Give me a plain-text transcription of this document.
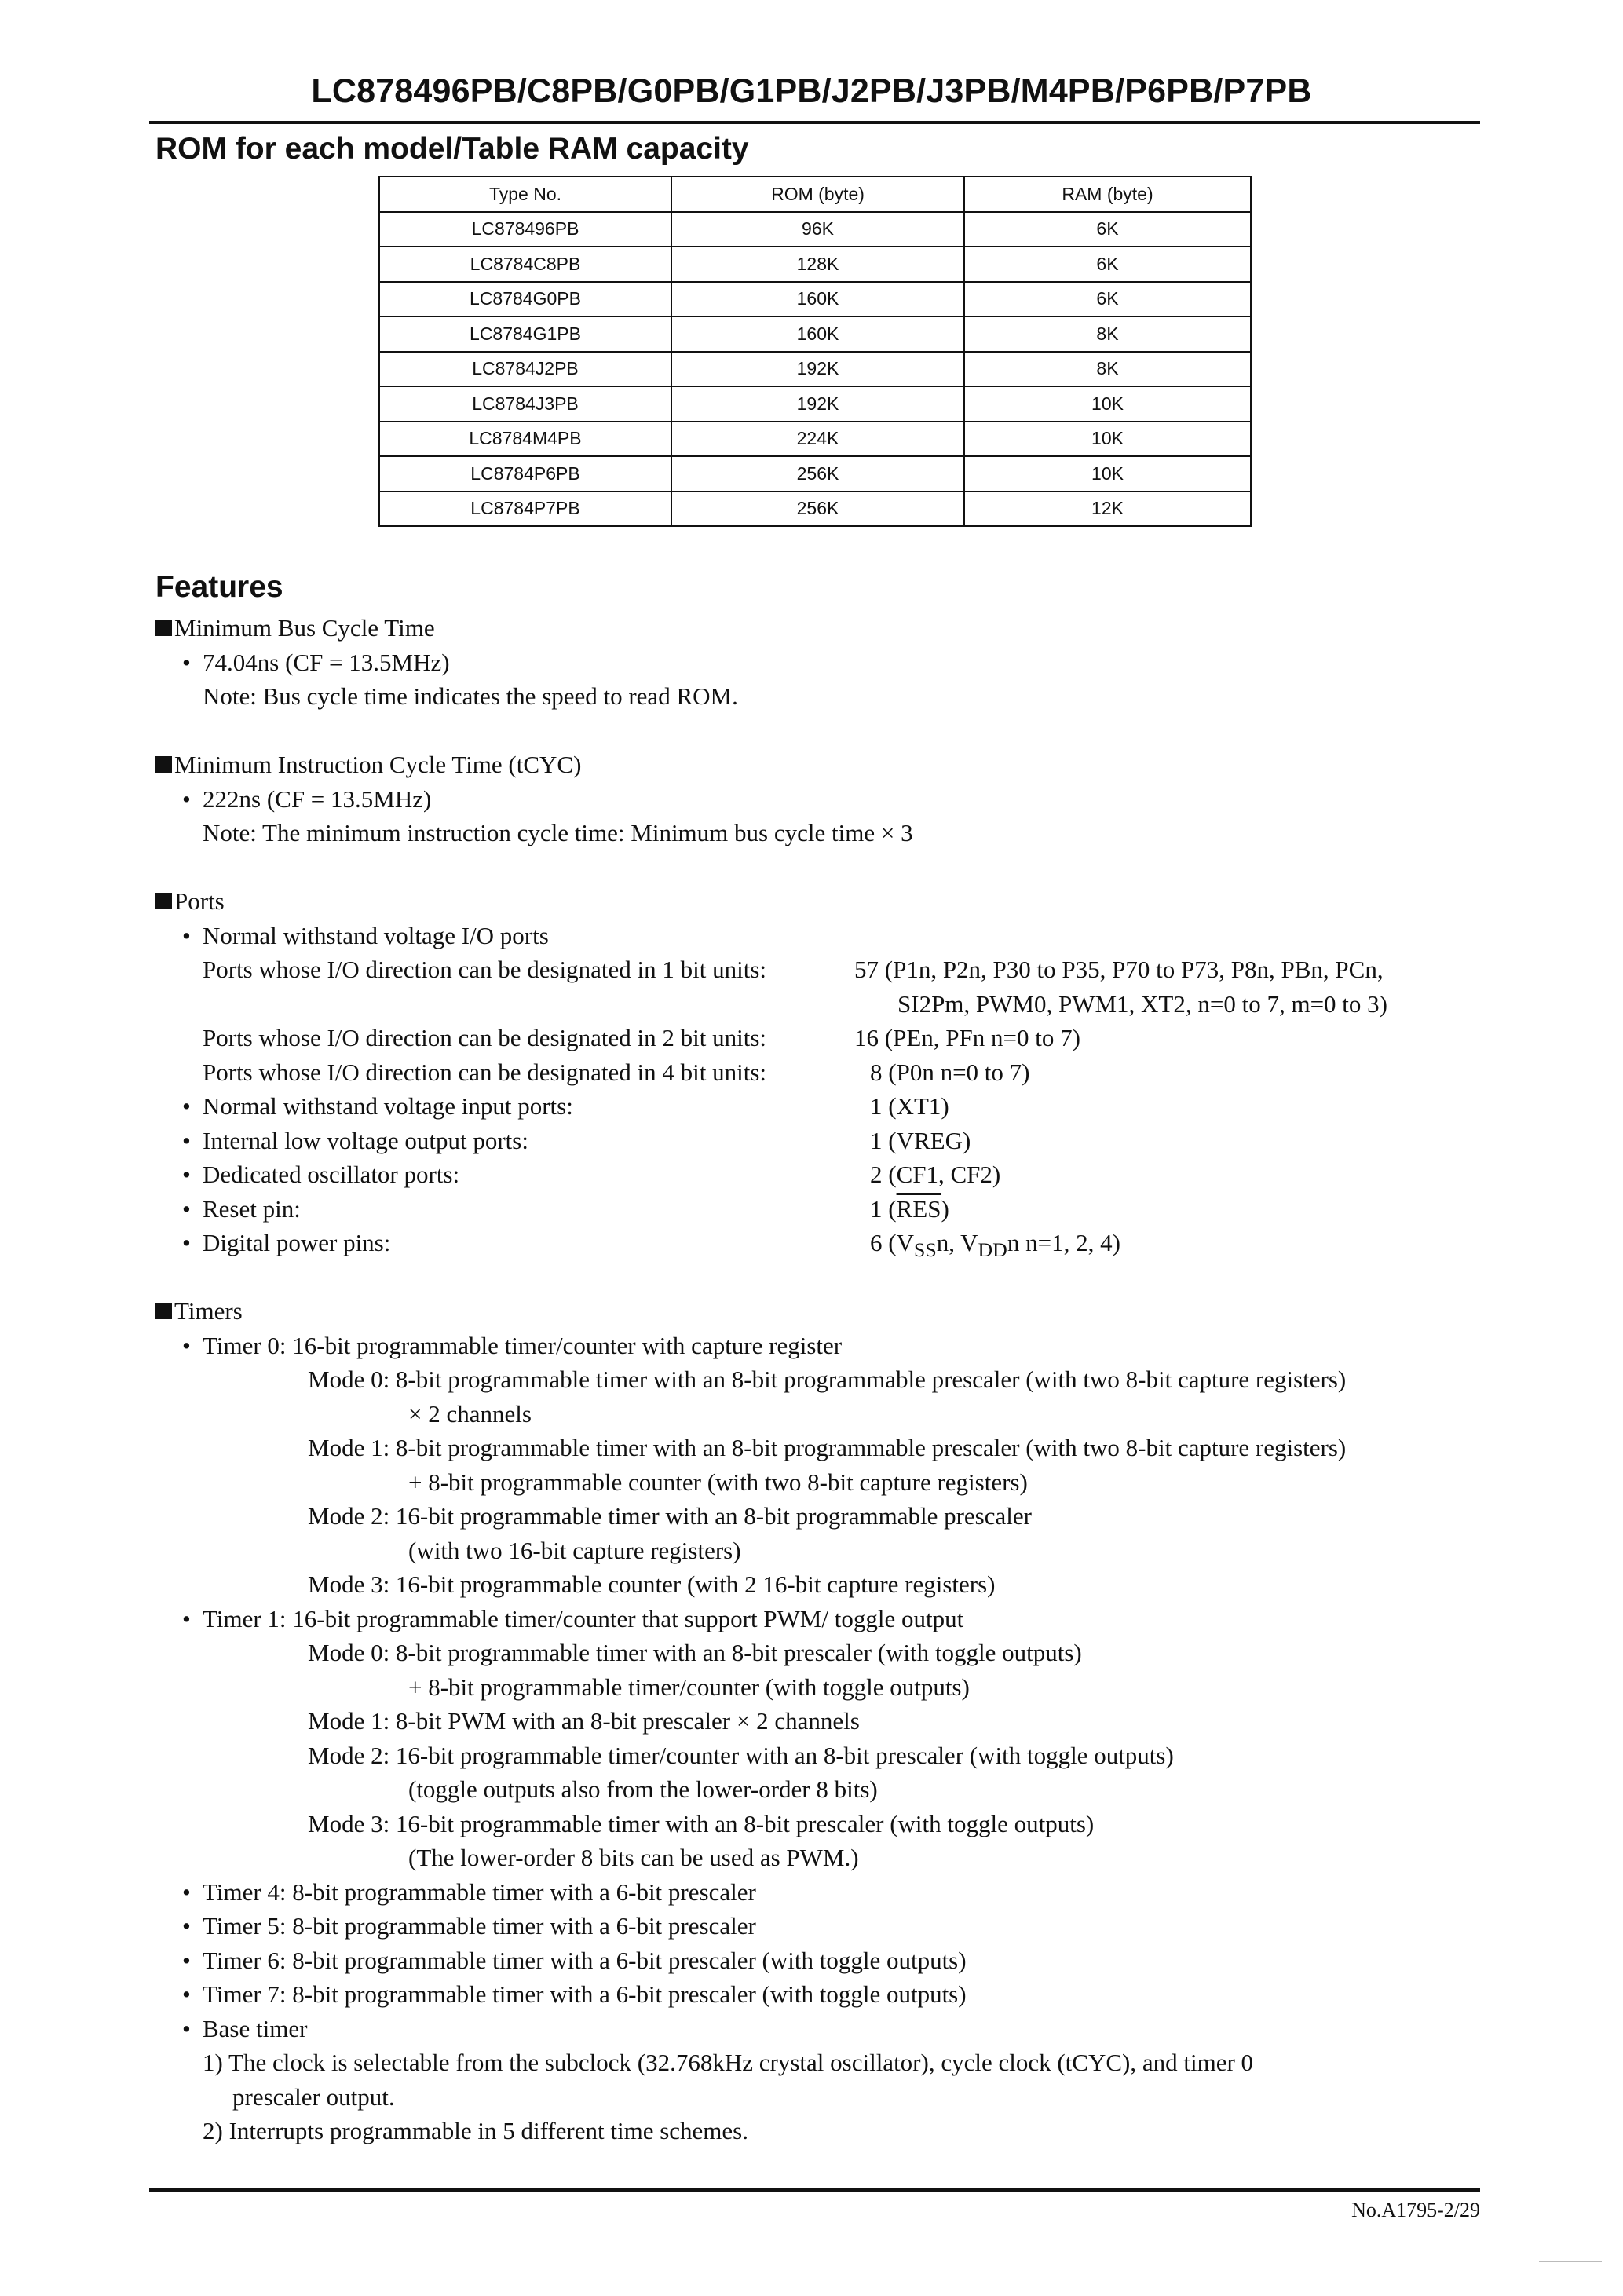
LC878496PB/C8PB/G0PB/G1PB/J2PB/J3PB/M4PB/P6PB/P7PB
ROM for each model/Table RAM capacity
Type No.	ROM (byte)	RAM (byte)
LC878496PB	96K	6K
LC8784C8PB	128K	6K
LC8784G0PB	160K	6K
LC8784G1PB	160K	8K
LC8784J2PB	192K	8K
LC8784J3PB	192K	10K
LC8784M4PB	224K	10K
LC8784P6PB	256K	10K
LC8784P7PB	256K	12K
Features
Minimum Bus Cycle Time
• 74.04ns (CF = 13.5MHz)
Note: Bus cycle time indicates the speed to read ROM.
Minimum Instruction Cycle Time (tCYC)
• 222ns (CF = 13.5MHz)
Note: The minimum instruction cycle time: Minimum bus cycle time × 3
Ports
• Normal withstand voltage I/O ports
Ports whose I/O direction can be designated in 1 bit units:	57 (P1n, P2n, P30 to P35, P70 to P73, P8n, PBn, PCn,
SI2Pm, PWM0, PWM1, XT2, n=0 to 7, m=0 to 3)
Ports whose I/O direction can be designated in 2 bit units:	16 (PEn, PFn n=0 to 7)
Ports whose I/O direction can be designated in 4 bit units:	8 (P0n n=0 to 7)
• Normal withstand voltage input ports:	1 (XT1)
• Internal low voltage output ports:	1 (VREG)
• Dedicated oscillator ports:	2 (CF1, CF2)
• Reset pin:	1 $(\overline{RES})$
• Digital power pins:	6 ($V_{SS}n$, $V_{DD}n$ n=1, 2, 4)
Timers
• Timer 0: 16-bit programmable timer/counter with capture register
Mode 0: 8-bit programmable timer with an 8-bit programmable prescaler (with two 8-bit capture registers)
× 2 channels
Mode 1: 8-bit programmable timer with an 8-bit programmable prescaler (with two 8-bit capture registers)
+ 8-bit programmable counter (with two 8-bit capture registers)
Mode 2: 16-bit programmable timer with an 8-bit programmable prescaler
(with two 16-bit capture registers)
Mode 3: 16-bit programmable counter (with 2 16-bit capture registers)
• Timer 1: 16-bit programmable timer/counter that support PWM/ toggle output
Mode 0: 8-bit programmable timer with an 8-bit prescaler (with toggle outputs)
+ 8-bit programmable timer/counter (with toggle outputs)
Mode 1: 8-bit PWM with an 8-bit prescaler × 2 channels
Mode 2: 16-bit programmable timer/counter with an 8-bit prescaler (with toggle outputs)
(toggle outputs also from the lower-order 8 bits)
Mode 3: 16-bit programmable timer with an 8-bit prescaler (with toggle outputs)
(The lower-order 8 bits can be used as PWM.)
• Timer 4: 8-bit programmable timer with a 6-bit prescaler
• Timer 5: 8-bit programmable timer with a 6-bit prescaler
• Timer 6: 8-bit programmable timer with a 6-bit prescaler (with toggle outputs)
• Timer 7: 8-bit programmable timer with a 6-bit prescaler (with toggle outputs)
• Base timer
1) The clock is selectable from the subclock (32.768kHz crystal oscillator), cycle clock (tCYC), and timer 0
prescaler output.
2) Interrupts programmable in 5 different time schemes.
No.A1795-2/29
